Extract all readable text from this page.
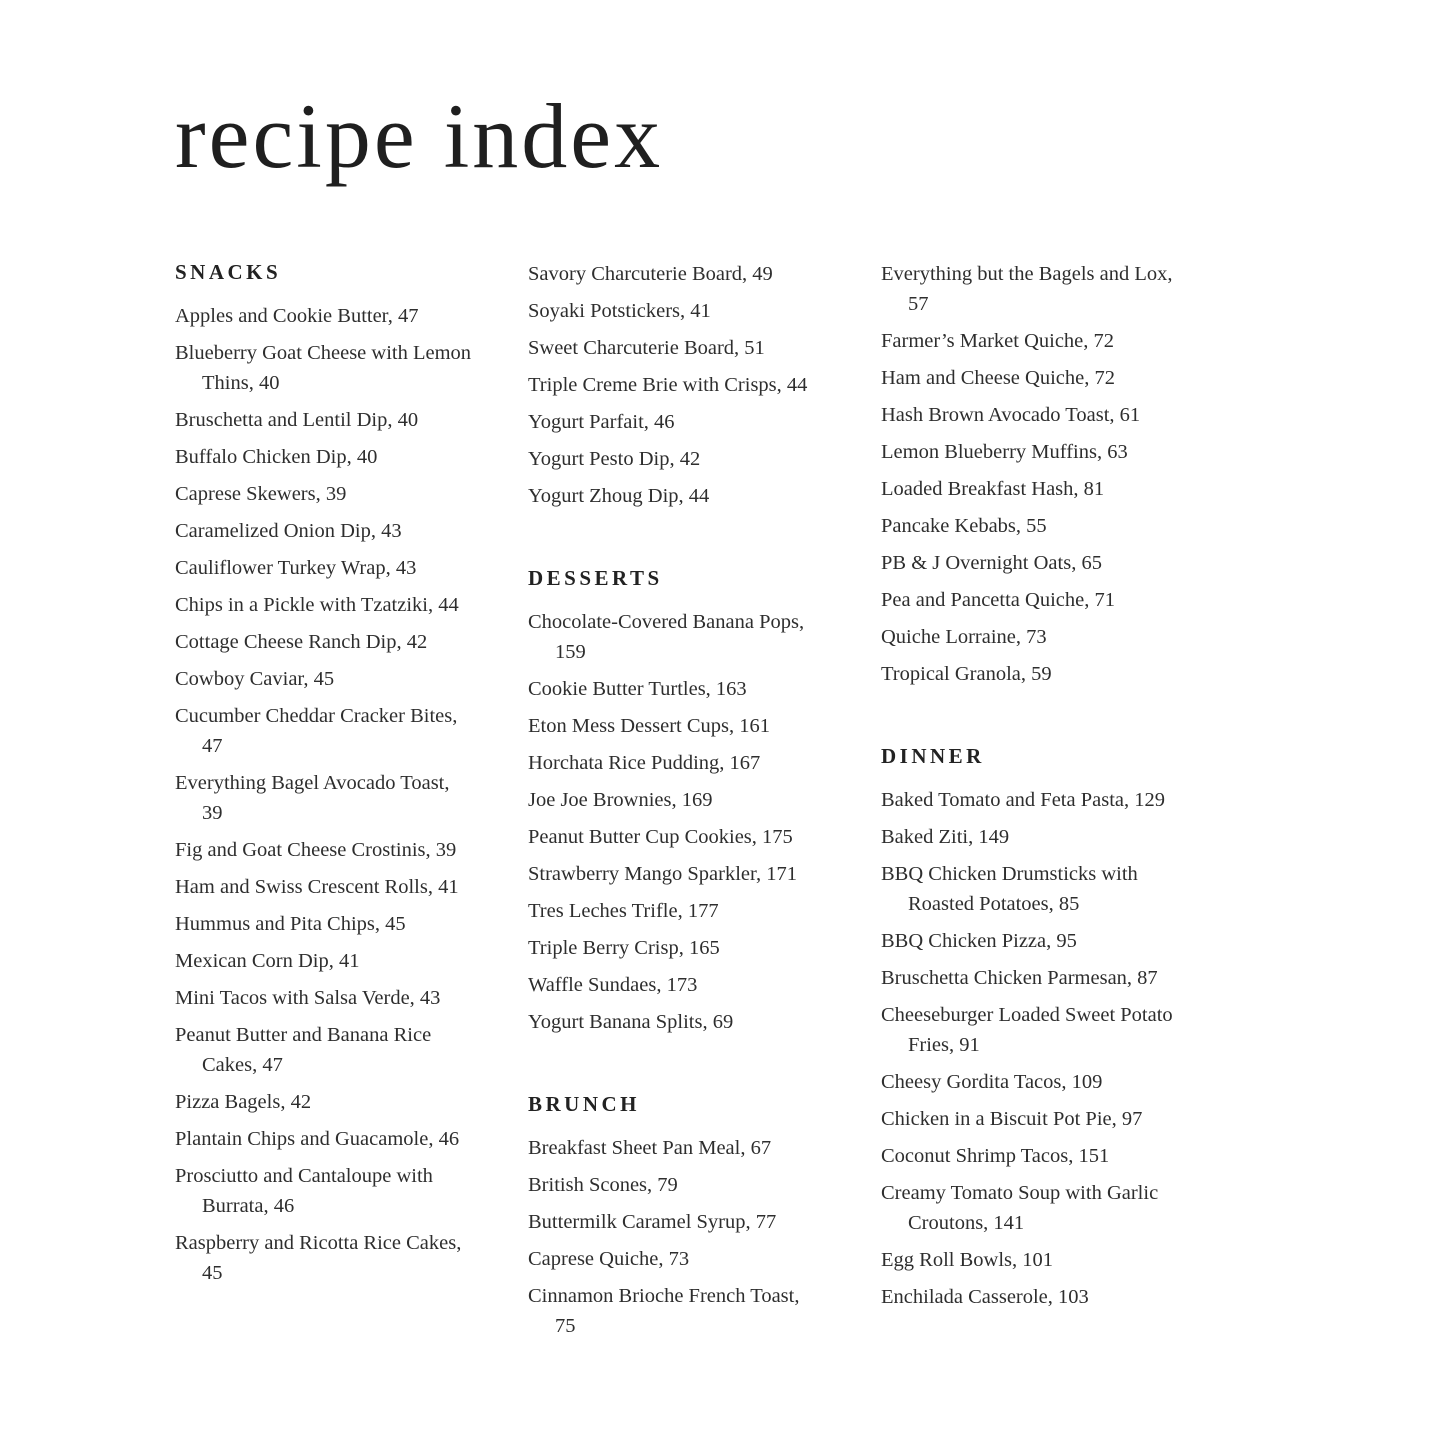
recipe index
SNACKS

Apples and Cookie Butter, 47

Blueberry Goat Cheese with Lemon Thins, 40

Bruschetta and Lentil Dip, 40

Buffalo Chicken Dip, 40

Caprese Skewers, 39

Caramelized Onion Dip, 43

Cauliflower Turkey Wrap, 43

Chips in a Pickle with Tzatziki, 44

Cottage Cheese Ranch Dip, 42

Cowboy Caviar, 45

Cucumber Cheddar Cracker Bites, 47

Everything Bagel Avocado Toast, 39

Fig and Goat Cheese Crostinis, 39

Ham and Swiss Crescent Rolls, 41

Hummus and Pita Chips, 45

Mexican Corn Dip, 41

Mini Tacos with Salsa Verde, 43

Peanut Butter and Banana Rice Cakes, 47

Pizza Bagels, 42

Plantain Chips and Guacamole, 46

Prosciutto and Cantaloupe with Burrata, 46

Raspberry and Ricotta Rice Cakes, 45

Savory Charcuterie Board, 49

Soyaki Potstickers, 41

Sweet Charcuterie Board, 51

Triple Creme Brie with Crisps, 44

Yogurt Parfait, 46

Yogurt Pesto Dip, 42

Yogurt Zhoug Dip, 44

DESSERTS

Chocolate-Covered Banana Pops, 159

Cookie Butter Turtles, 163

Eton Mess Dessert Cups, 161

Horchata Rice Pudding, 167

Joe Joe Brownies, 169

Peanut Butter Cup Cookies, 175

Strawberry Mango Sparkler, 171

Tres Leches Trifle, 177

Triple Berry Crisp, 165

Waffle Sundaes, 173

Yogurt Banana Splits, 69

BRUNCH

Breakfast Sheet Pan Meal, 67

British Scones, 79

Buttermilk Caramel Syrup, 77

Caprese Quiche, 73

Cinnamon Brioche French Toast, 75

Everything but the Bagels and Lox, 57

Farmer’s Market Quiche, 72

Ham and Cheese Quiche, 72

Hash Brown Avocado Toast, 61

Lemon Blueberry Muffins, 63

Loaded Breakfast Hash, 81

Pancake Kebabs, 55

PB & J Overnight Oats, 65

Pea and Pancetta Quiche, 71

Quiche Lorraine, 73

Tropical Granola, 59

DINNER

Baked Tomato and Feta Pasta, 129

Baked Ziti, 149

BBQ Chicken Drumsticks with Roasted Potatoes, 85

BBQ Chicken Pizza, 95

Bruschetta Chicken Parmesan, 87

Cheeseburger Loaded Sweet Potato Fries, 91

Cheesy Gordita Tacos, 109

Chicken in a Biscuit Pot Pie, 97

Coconut Shrimp Tacos, 151

Creamy Tomato Soup with Garlic Croutons, 141

Egg Roll Bowls, 101

Enchilada Casserole, 103
